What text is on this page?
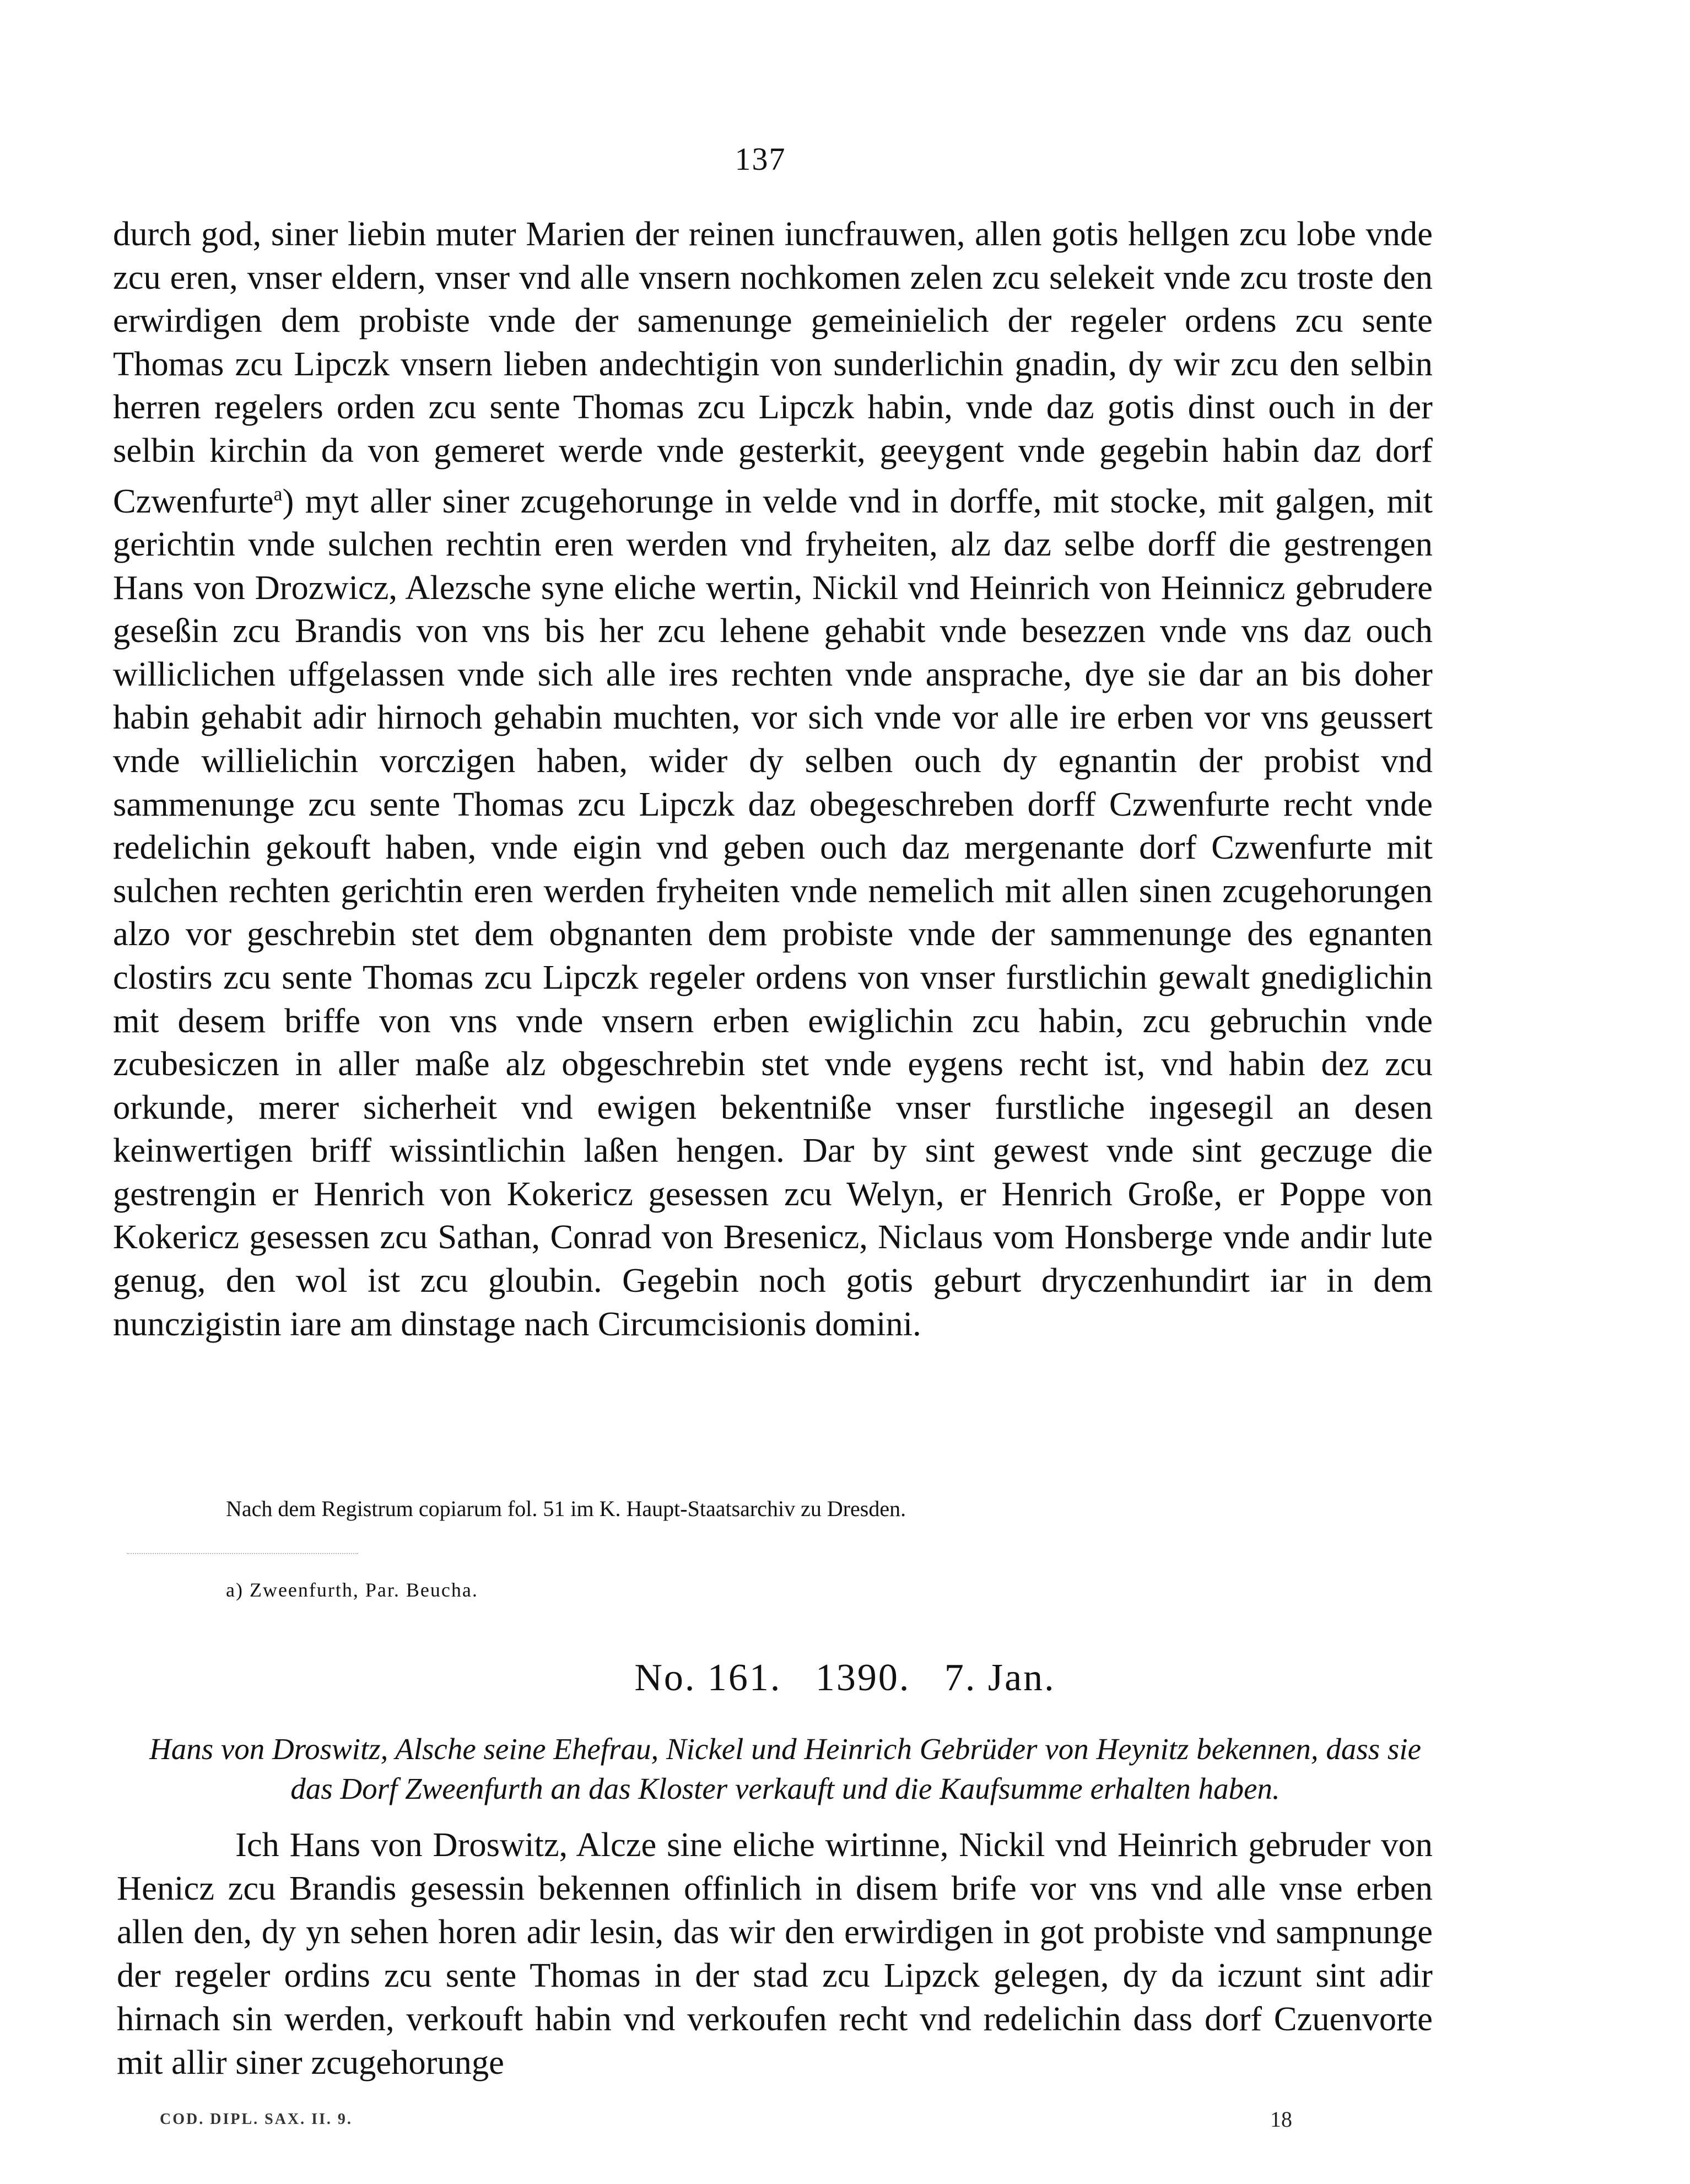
137

durch god, siner liebin muter Marien der reinen iuncfrauwen, allen gotis hellgen zcu lobe vnde zcu eren, vnser eldern, vnser vnd alle vnsern nochkomen zelen zcu selekeit vnde zcu troste den erwirdigen dem probiste vnde der samenunge gemeinielich der regeler ordens zcu sente Thomas zcu Lipczk vnsern lieben andechtigin von sunderlichin gnadin, dy wir zcu den selbin herren regelers orden zcu sente Thomas zcu Lipczk habin, vnde daz gotis dinst ouch in der selbin kirchin da von gemeret werde vnde gesterkit, geeygent vnde gegebin habin daz dorf Czwenfurte$^a$) myt aller siner zcugehorunge in velde vnd in dorffe, mit stocke, mit galgen, mit gerichtin vnde sulchen rechtin eren werden vnd fryheiten, alz daz selbe dorff die gestrengen Hans von Drozwicz, Alezsche syne eliche wertin, Nickil vnd Heinrich von Heinnicz gebrudere geseßin zcu Brandis von vns bis her zcu lehene gehabit vnde besezzen vnde vns daz ouch williclichen uffgelassen vnde sich alle ires rechten vnde ansprache, dye sie dar an bis doher habin gehabit adir hirnoch gehabin muchten, vor sich vnde vor alle ire erben vor vns geussert vnde willielichin vorczigen haben, wider dy selben ouch dy egnantin der probist vnd sammenunge zcu sente Thomas zcu Lipczk daz obegeschreben dorff Czwenfurte recht vnde redelichin gekouft haben, vnde eigin vnd geben ouch daz mergenante dorf Czwenfurte mit sulchen rechten gerichtin eren werden fryheiten vnde nemelich mit allen sinen zcugehorungen alzo vor geschrebin stet dem obgnanten dem probiste vnde der sammenunge des egnanten clostirs zcu sente Thomas zcu Lipczk regeler ordens von vnser furstlichin gewalt gnediglichin mit desem briffe von vns vnde vnsern erben ewiglichin zcu habin, zcu gebruchin vnde zcubesiczen in aller maße alz obgeschrebin stet vnde eygens recht ist, vnd habin dez zcu orkunde, merer sicherheit vnd ewigen bekentniße vnser furstliche ingesegil an desen keinwertigen briff wissintlichin laßen hengen. Dar by sint gewest vnde sint geczuge die gestrengin er Henrich von Kokericz gesessen zcu Welyn, er Henrich Große, er Poppe von Kokericz gesessen zcu Sathan, Conrad von Bresenicz, Niclaus vom Honsberge vnde andir lute genug, den wol ist zcu gloubin. Gegebin noch gotis geburt dryczenhundirt iar in dem nunczigistin iare am dinstage nach Circumcisionis domini.

Nach dem Registrum copiarum fol. 51 im K. Haupt-Staatsarchiv zu Dresden.
a) Zweenfurth, Par. Beucha.
No. 161.   1390.   7. Jan.

Hans von Droswitz, Alsche seine Ehefrau, Nickel und Heinrich Gebrüder von Heynitz bekennen, dass sie das Dorf Zweenfurth an das Kloster verkauft und die Kaufsumme erhalten haben.

Ich Hans von Droswitz, Alcze sine eliche wirtinne, Nickil vnd Heinrich gebruder von Henicz zcu Brandis gesessin bekennen offinlich in disem brife vor vns vnd alle vnse erben allen den, dy yn sehen horen adir lesin, das wir den erwirdigen in got probiste vnd sampnunge der regeler ordins zcu sente Thomas in der stad zcu Lipzck gelegen, dy da iczunt sint adir hirnach sin werden, verkouft habin vnd verkoufen recht vnd redelichin dass dorf Czuenvorte mit allir siner zcugehorunge

COD. DIPL. SAX. II. 9.	18
